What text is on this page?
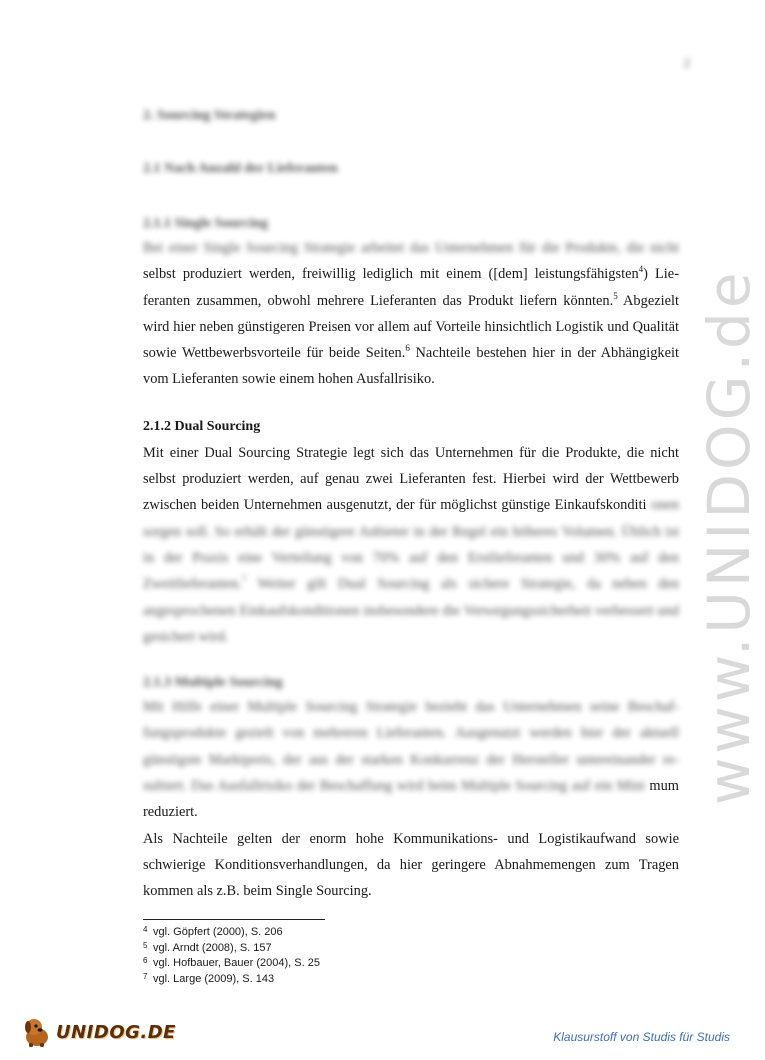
2
www.UNIDOG.de
2. Sourcing Strategien
2.1 Nach Anzahl der Lieferanten
2.1.1 Single Sourcing

Bei einer Single Sourcing Strategie arbeitet das Unternehmen für die Produkte, die nicht selbst produziert werden, freiwillig lediglich mit einem ([dem] leistungsfähigsten$^4$) Lieferanten zusammen, obwohl mehrere Lieferanten das Produkt liefern könnten.$^5$ Abgezielt wird hier neben günstigeren Preisen vor allem auf Vorteile hinsichtlich Logistik und Qualität sowie Wettbewerbsvorteile für beide Seiten.$^6$ Nachteile bestehen hier in der Abhängigkeit vom Lieferanten sowie einem hohen Ausfallrisiko.

2.1.2 Dual Sourcing

Mit einer Dual Sourcing Strategie legt sich das Unternehmen für die Produkte, die nicht selbst produziert werden, auf genau zwei Lieferanten fest. Hierbei wird der Wettbewerb zwischen beiden Unternehmen ausgenutzt, der für möglichst günstige Einkaufskonditi onen sorgen soll. So erhält der günstigere Anbieter in der Regel ein höheres Volumen. Üblich ist in der Praxis eine Verteilung von 70% auf den Erstlieferanten und 30% auf den Zweitlieferanten.$^7$ Weiter gilt Dual Sourcing als sichere Strategie, da neben den angesprochenen Einkaufskonditionen insbesondere die Versorgungssicherheit verbessert und gesichert wird.

2.1.3 Multiple Sourcing

Mit Hilfe einer Multiple Sourcing Strategie bezieht das Unternehmen seine Beschaffungsprodukte gezielt von mehreren Lieferanten. Ausgenutzt werden hier der aktuell günstigste Marktpreis, der aus der starken Konkurrenz der Hersteller untereinander resultiert. Das Ausfallrisiko der Beschaffung wird beim Multiple Sourcing auf ein Mini mum reduziert.

Als Nachteile gelten der enorm hohe Kommunikations- und Logistikaufwand sowie schwierige Konditionsverhandlungen, da hier geringere Abnahmemengen zum Tragen kommen als z.B. beim Single Sourcing.

4 vgl. Göpfert (2000), S. 206
5 vgl. Arndt (2008), S. 157
6 vgl. Hofbauer, Bauer (2004), S. 25
7 vgl. Large (2009), S. 143
UNIDOG.DE	Klausurstoff von Studis für Studis
